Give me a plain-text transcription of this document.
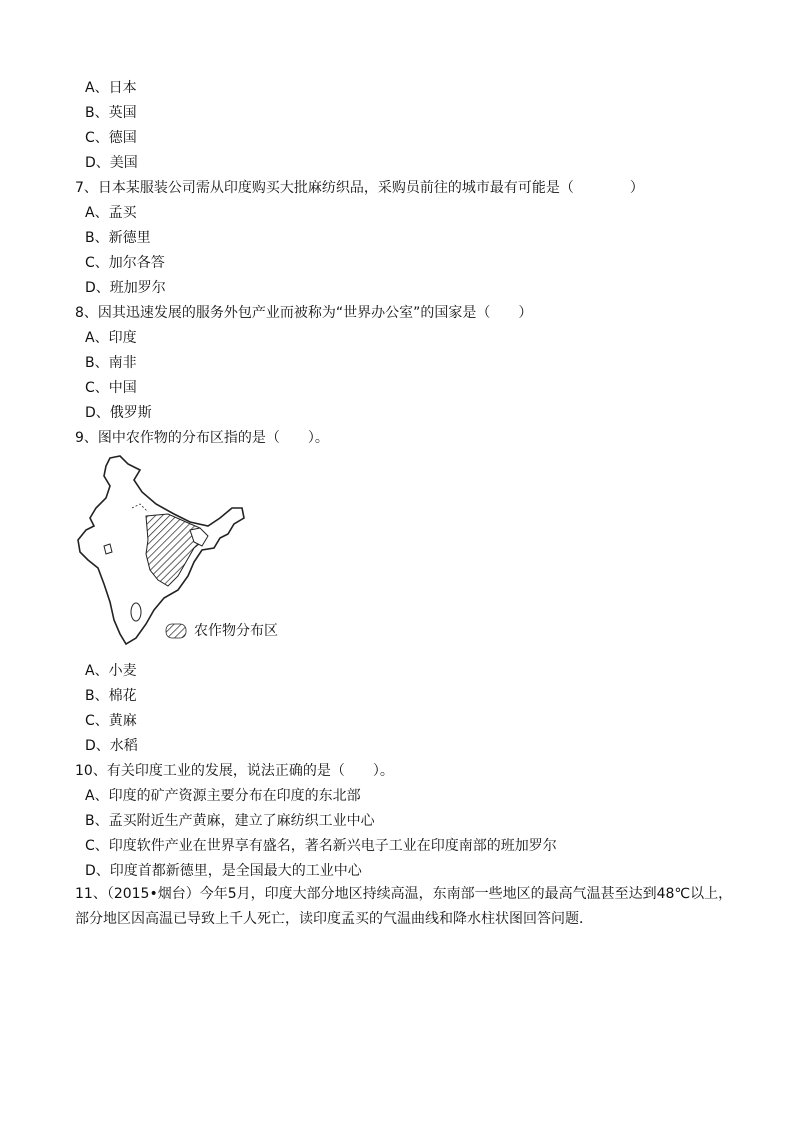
A、日本
B、英国
C、德国
D、美国
7、日本某服装公司需从印度购买大批麻纺织品，采购员前往的城市最有可能是（　　　　）
A、孟买
B、新德里
C、加尔各答
D、班加罗尔
8、因其迅速发展的服务外包产业而被称为“世界办公室”的国家是（　　）
A、印度
B、南非
C、中国
D、俄罗斯
9、图中农作物的分布区指的是（　　）。
农作物分布区
A、小麦
B、棉花
C、黄麻
D、水稻
10、有关印度工业的发展，说法正确的是（　　）。
A、印度的矿产资源主要分布在印度的东北部
B、孟买附近生产黄麻，建立了麻纺织工业中心
C、印度软件产业在世界享有盛名，著名新兴电子工业在印度南部的班加罗尔
D、印度首都新德里，是全国最大的工业中心
11、（2015•烟台）今年5月，印度大部分地区持续高温，东南部一些地区的最高气温甚至达到48℃以上，部分地区因高温已导致上千人死亡，读印度孟买的气温曲线和降水柱状图回答问题．
